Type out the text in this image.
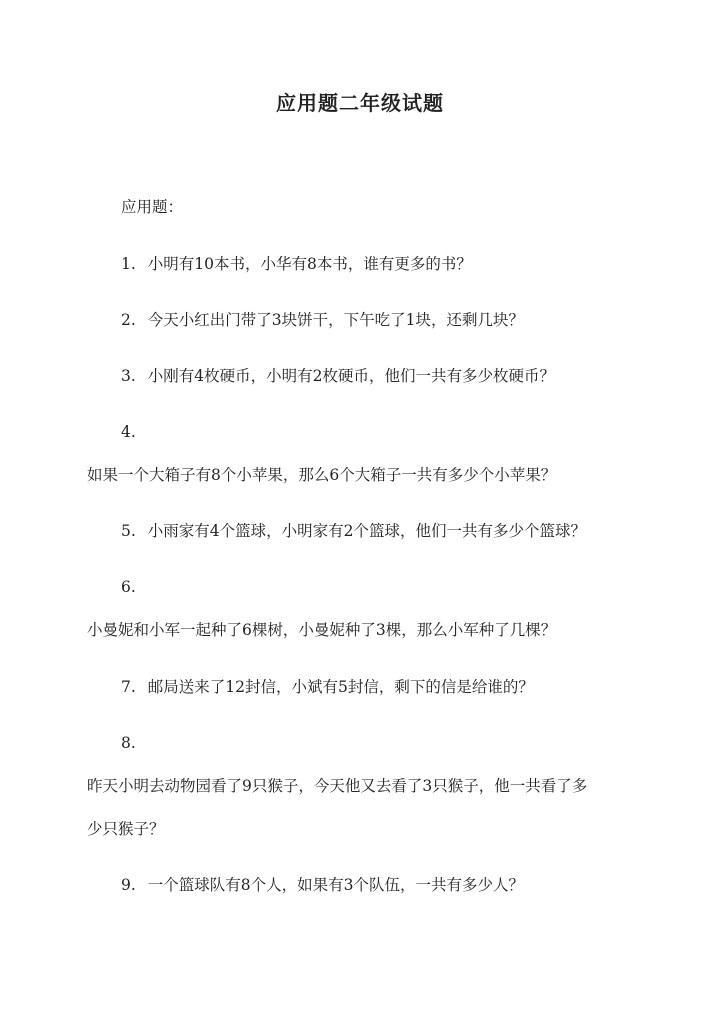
应用题二年级试题
应用题：
1. 小明有10本书，小华有8本书，谁有更多的书？
2. 今天小红出门带了3块饼干，下午吃了1块，还剩几块？
3. 小刚有4枚硬币，小明有2枚硬币，他们一共有多少枚硬币？
4.
如果一个大箱子有8个小苹果，那么6个大箱子一共有多少个小苹果？
5. 小雨家有4个篮球，小明家有2个篮球，他们一共有多少个篮球？
6.
小曼妮和小军一起种了6棵树，小曼妮种了3棵，那么小军种了几棵？
7. 邮局送来了12封信，小斌有5封信，剩下的信是给谁的？
8.
昨天小明去动物园看了9只猴子，今天他又去看了3只猴子，他一共看了多
少只猴子？
9. 一个篮球队有8个人，如果有3个队伍，一共有多少人？
